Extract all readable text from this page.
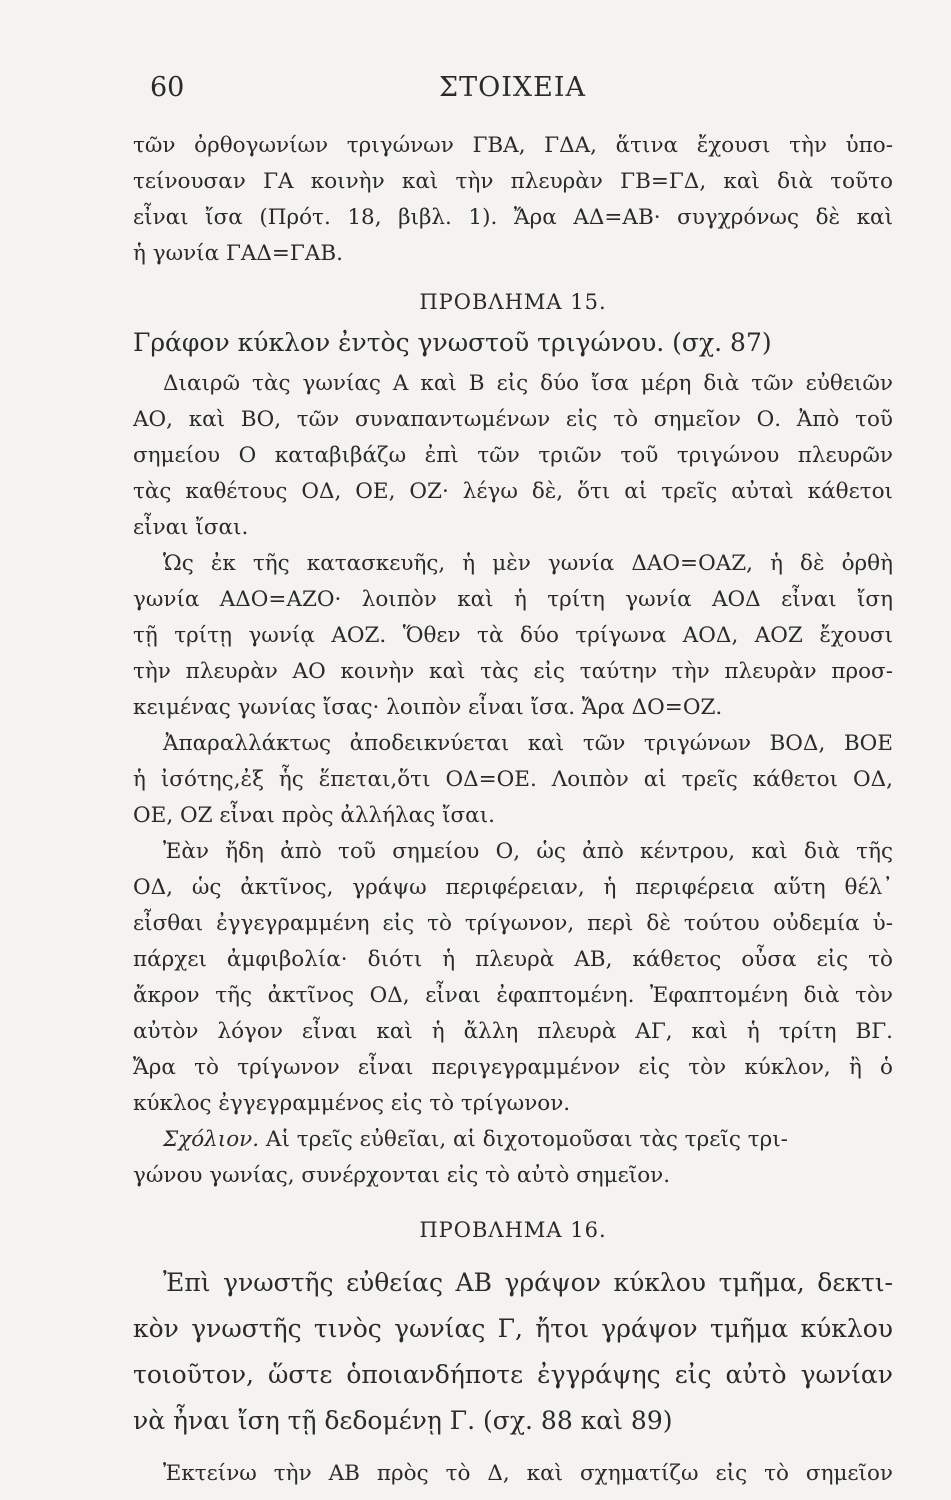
60	ΣΤΟΙΧΕΙΑ
τῶν ὀρθογωνίων τριγώνων ΓΒΑ, ΓΔΑ, ἅτινα ἔχουσι τὴν ὑπο-
τείνουσαν ΓΑ κοινὴν καὶ τὴν πλευρὰν ΓΒ=ΓΔ, καὶ διὰ τοῦτο
εἶναι ἴσα (Πρότ. 18, βιβλ. 1). Ἄρα ΑΔ=ΑΒ· συγχρόνως δὲ καὶ
ἡ γωνία ΓΑΔ=ΓΑΒ.
ΠΡΟΒΛΗΜΑ 15.
Γράφον κύκλον ἐντὸς γνωστοῦ τριγώνου. (σχ. 87)
Διαιρῶ τὰς γωνίας Α καὶ Β εἰς δύο ἴσα μέρη διὰ τῶν εὐθειῶν
ΑΟ, καὶ ΒΟ, τῶν συναπαντωμένων εἰς τὸ σημεῖον Ο. Ἀπὸ τοῦ
σημείου Ο καταβιβάζω ἐπὶ τῶν τριῶν τοῦ τριγώνου πλευρῶν
τὰς καθέτους ΟΔ, ΟΕ, ΟΖ· λέγω δὲ, ὅτι αἱ τρεῖς αὐταὶ κάθετοι
εἶναι ἴσαι.
Ὡς ἐκ τῆς κατασκευῆς, ἡ μὲν γωνία ΔΑΟ=ΟΑΖ, ἡ δὲ ὀρθὴ
γωνία ΑΔΟ=ΑΖΟ· λοιπὸν καὶ ἡ τρίτη γωνία ΑΟΔ εἶναι ἴση
τῇ τρίτῃ γωνίᾳ ΑΟΖ. Ὅθεν τὰ δύο τρίγωνα ΑΟΔ, ΑΟΖ ἔχουσι
τὴν πλευρὰν ΑΟ κοινὴν καὶ τὰς εἰς ταύτην τὴν πλευρὰν προσ-
κειμένας γωνίας ἴσας· λοιπὸν εἶναι ἴσα. Ἄρα ΔΟ=ΟΖ.
Ἀπαραλλάκτως ἀποδεικνύεται καὶ τῶν τριγώνων ΒΟΔ, ΒΟΕ
ἡ ἰσότης,ἐξ ἧς ἕπεται,ὅτι ΟΔ=ΟΕ. Λοιπὸν αἱ τρεῖς κάθετοι ΟΔ,
ΟΕ, ΟΖ εἶναι πρὸς ἀλλήλας ἴσαι.
Ἐὰν ἤδη ἀπὸ τοῦ σημείου Ο, ὡς ἀπὸ κέντρου, καὶ διὰ τῆς
ΟΔ, ὡς ἀκτῖνος, γράψω περιφέρειαν, ἡ περιφέρεια αὕτη θέλ᾽
εἶσθαι ἐγγεγραμμένη εἰς τὸ τρίγωνον, περὶ δὲ τούτου οὐδεμία ὑ-
πάρχει ἀμφιβολία· διότι ἡ πλευρὰ ΑΒ, κάθετος οὖσα εἰς τὸ
ἄκρον τῆς ἀκτῖνος ΟΔ, εἶναι ἐφαπτομένη. Ἐφαπτομένη διὰ τὸν
αὐτὸν λόγον εἶναι καὶ ἡ ἄλλη πλευρὰ ΑΓ, καὶ ἡ τρίτη ΒΓ.
Ἄρα τὸ τρίγωνον εἶναι περιγεγραμμένον εἰς τὸν κύκλον, ἢ ὁ
κύκλος ἐγγεγραμμένος εἰς τὸ τρίγωνον.
Σχόλιον. Αἱ τρεῖς εὐθεῖαι, αἱ διχοτομοῦσαι τὰς τρεῖς τρι-
γώνου γωνίας, συνέρχονται εἰς τὸ αὐτὸ σημεῖον.
ΠΡΟΒΛΗΜΑ 16.
Ἐπὶ γνωστῆς εὐθείας ΑΒ γράψον κύκλου τμῆμα, δεκτι-
κὸν γνωστῆς τινὸς γωνίας Γ, ἤτοι γράψον τμῆμα κύκλου
τοιοῦτον, ὥστε ὁποιανδήποτε ἐγγράψης εἰς αὐτὸ γωνίαν
νὰ ἦναι ἴση τῇ δεδομένῃ Γ. (σχ. 88 καὶ 89)
Ἐκτείνω τὴν ΑΒ πρὸς τὸ Δ, καὶ σχηματίζω εἰς τὸ σημεῖον
